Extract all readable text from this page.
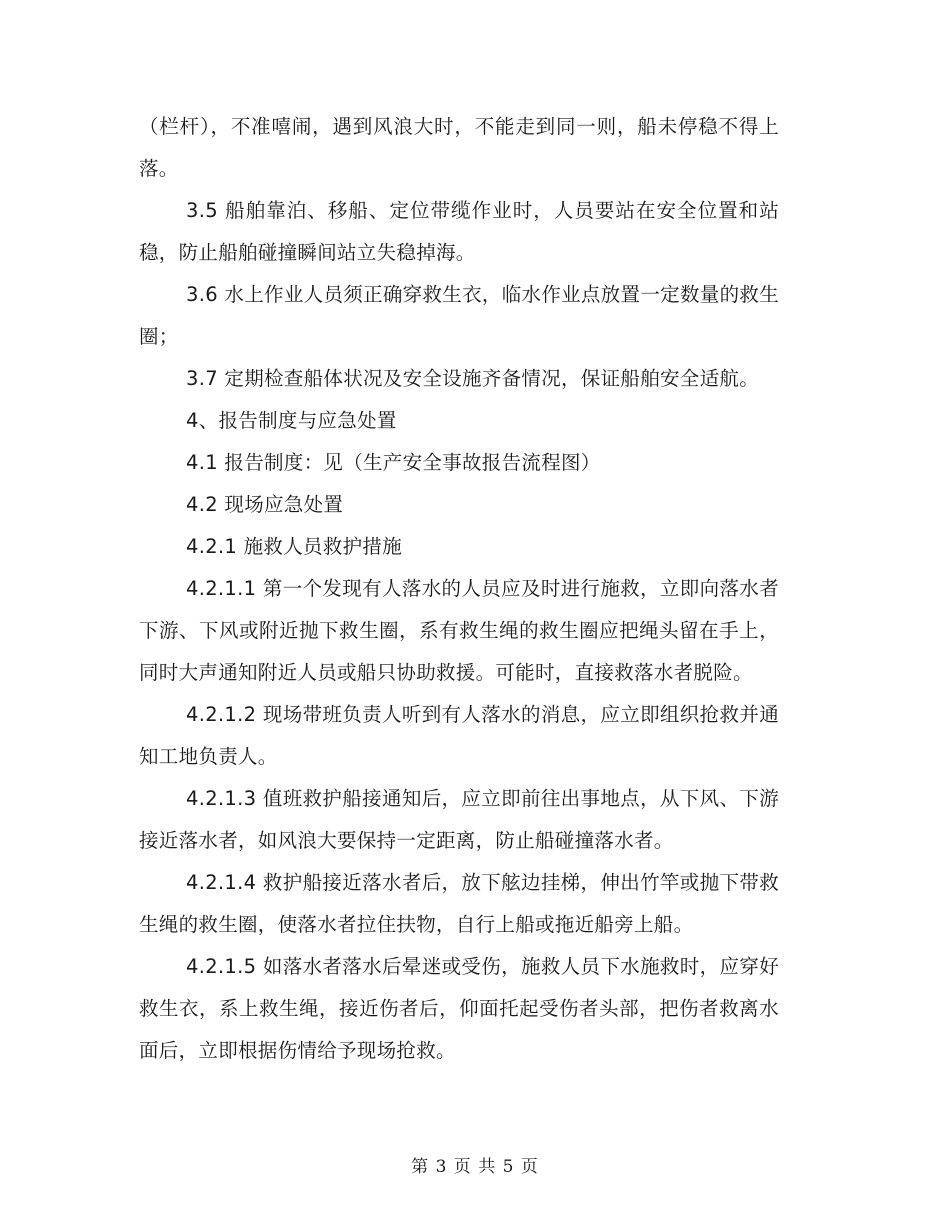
（栏杆），不准嘻闹，遇到风浪大时，不能走到同一则，船未停稳不得上落。

3.5 船舶靠泊、移船、定位带缆作业时，人员要站在安全位置和站稳，防止船舶碰撞瞬间站立失稳掉海。

3.6 水上作业人员须正确穿救生衣，临水作业点放置一定数量的救生圈；

3.7 定期检查船体状况及安全设施齐备情况，保证船舶安全适航。

4、报告制度与应急处置

4.1 报告制度：见（生产安全事故报告流程图）

4.2 现场应急处置

4.2.1 施救人员救护措施

4.2.1.1 第一个发现有人落水的人员应及时进行施救，立即向落水者下游、下风或附近抛下救生圈，系有救生绳的救生圈应把绳头留在手上，同时大声通知附近人员或船只协助救援。可能时，直接救落水者脱险。

4.2.1.2 现场带班负责人听到有人落水的消息，应立即组织抢救并通知工地负责人。

4.2.1.3 值班救护船接通知后，应立即前往出事地点，从下风、下游接近落水者，如风浪大要保持一定距离，防止船碰撞落水者。

4.2.1.4 救护船接近落水者后，放下舷边挂梯，伸出竹竿或抛下带救生绳的救生圈，使落水者拉住扶物，自行上船或拖近船旁上船。

4.2.1.5 如落水者落水后晕迷或受伤，施救人员下水施救时，应穿好救生衣，系上救生绳，接近伤者后，仰面托起受伤者头部，把伤者救离水面后，立即根据伤情给予现场抢救。

第 3 页 共 5 页
